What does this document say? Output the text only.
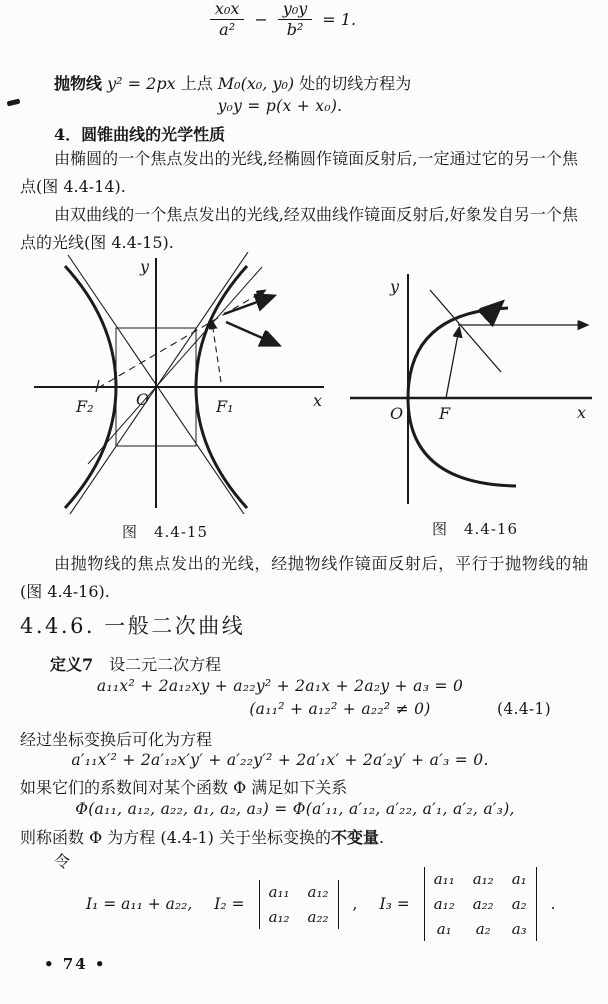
$\frac{\text{x₀x}}{\text{a²}} - \frac{\text{y₀y}}{\text{b²}} = 1$.
抛物线 y² = 2px 上点 M₀(x₀, y₀) 处的切线方程为
y₀y = p(x + x₀).
4．圆锥曲线的光学性质
由椭圆的一个焦点发出的光线,经椭圆作镜面反射后,一定通过它的另一个焦点(图 4.4-14).
由双曲线的一个焦点发出的光线,经双曲线作镜面反射后,好象发自另一个焦点的光线(图 4.4-15).
y
x
O
F₂	F₁
y
x
O F
图　4.4-15	图　4.4-16
由抛物线的焦点发出的光线，经抛物线作镜面反射后，平行于抛物线的轴(图 4.4-16).
4.4.6. 一般二次曲线
定义7　设二元二次方程
a₁₁x² + 2a₁₂xy + a₂₂y² + 2a₁x + 2a₂y + a₃ = 0
(a₁₁² + a₁₂² + a₂₂² ≠ 0)	(4.4-1)
经过坐标变换后可化为方程
a′₁₁x′² + 2a′₁₂x′y′ + a′₂₂y′² + 2a′₁x′ + 2a′₂y′ + a′₃ = 0.
如果它们的系数间对某个函数 Φ 满足如下关系
Φ(a₁₁, a₁₂, a₂₂, a₁, a₂, a₃) = Φ(a′₁₁, a′₁₂, a′₂₂, a′₁, a′₂, a′₃),
则称函数 Φ 为方程 (4.4-1) 关于坐标变换的不变量.
令
I₁ = a₁₁ + a₂₂, I₂ =
a₁₁ a₁₂
a₁₂ a₂₂
, I₃ =
a₁₁ a₁₂ a₁
a₁₂ a₂₂ a₂
a₁ a₂ a₃
.
• 74 •
